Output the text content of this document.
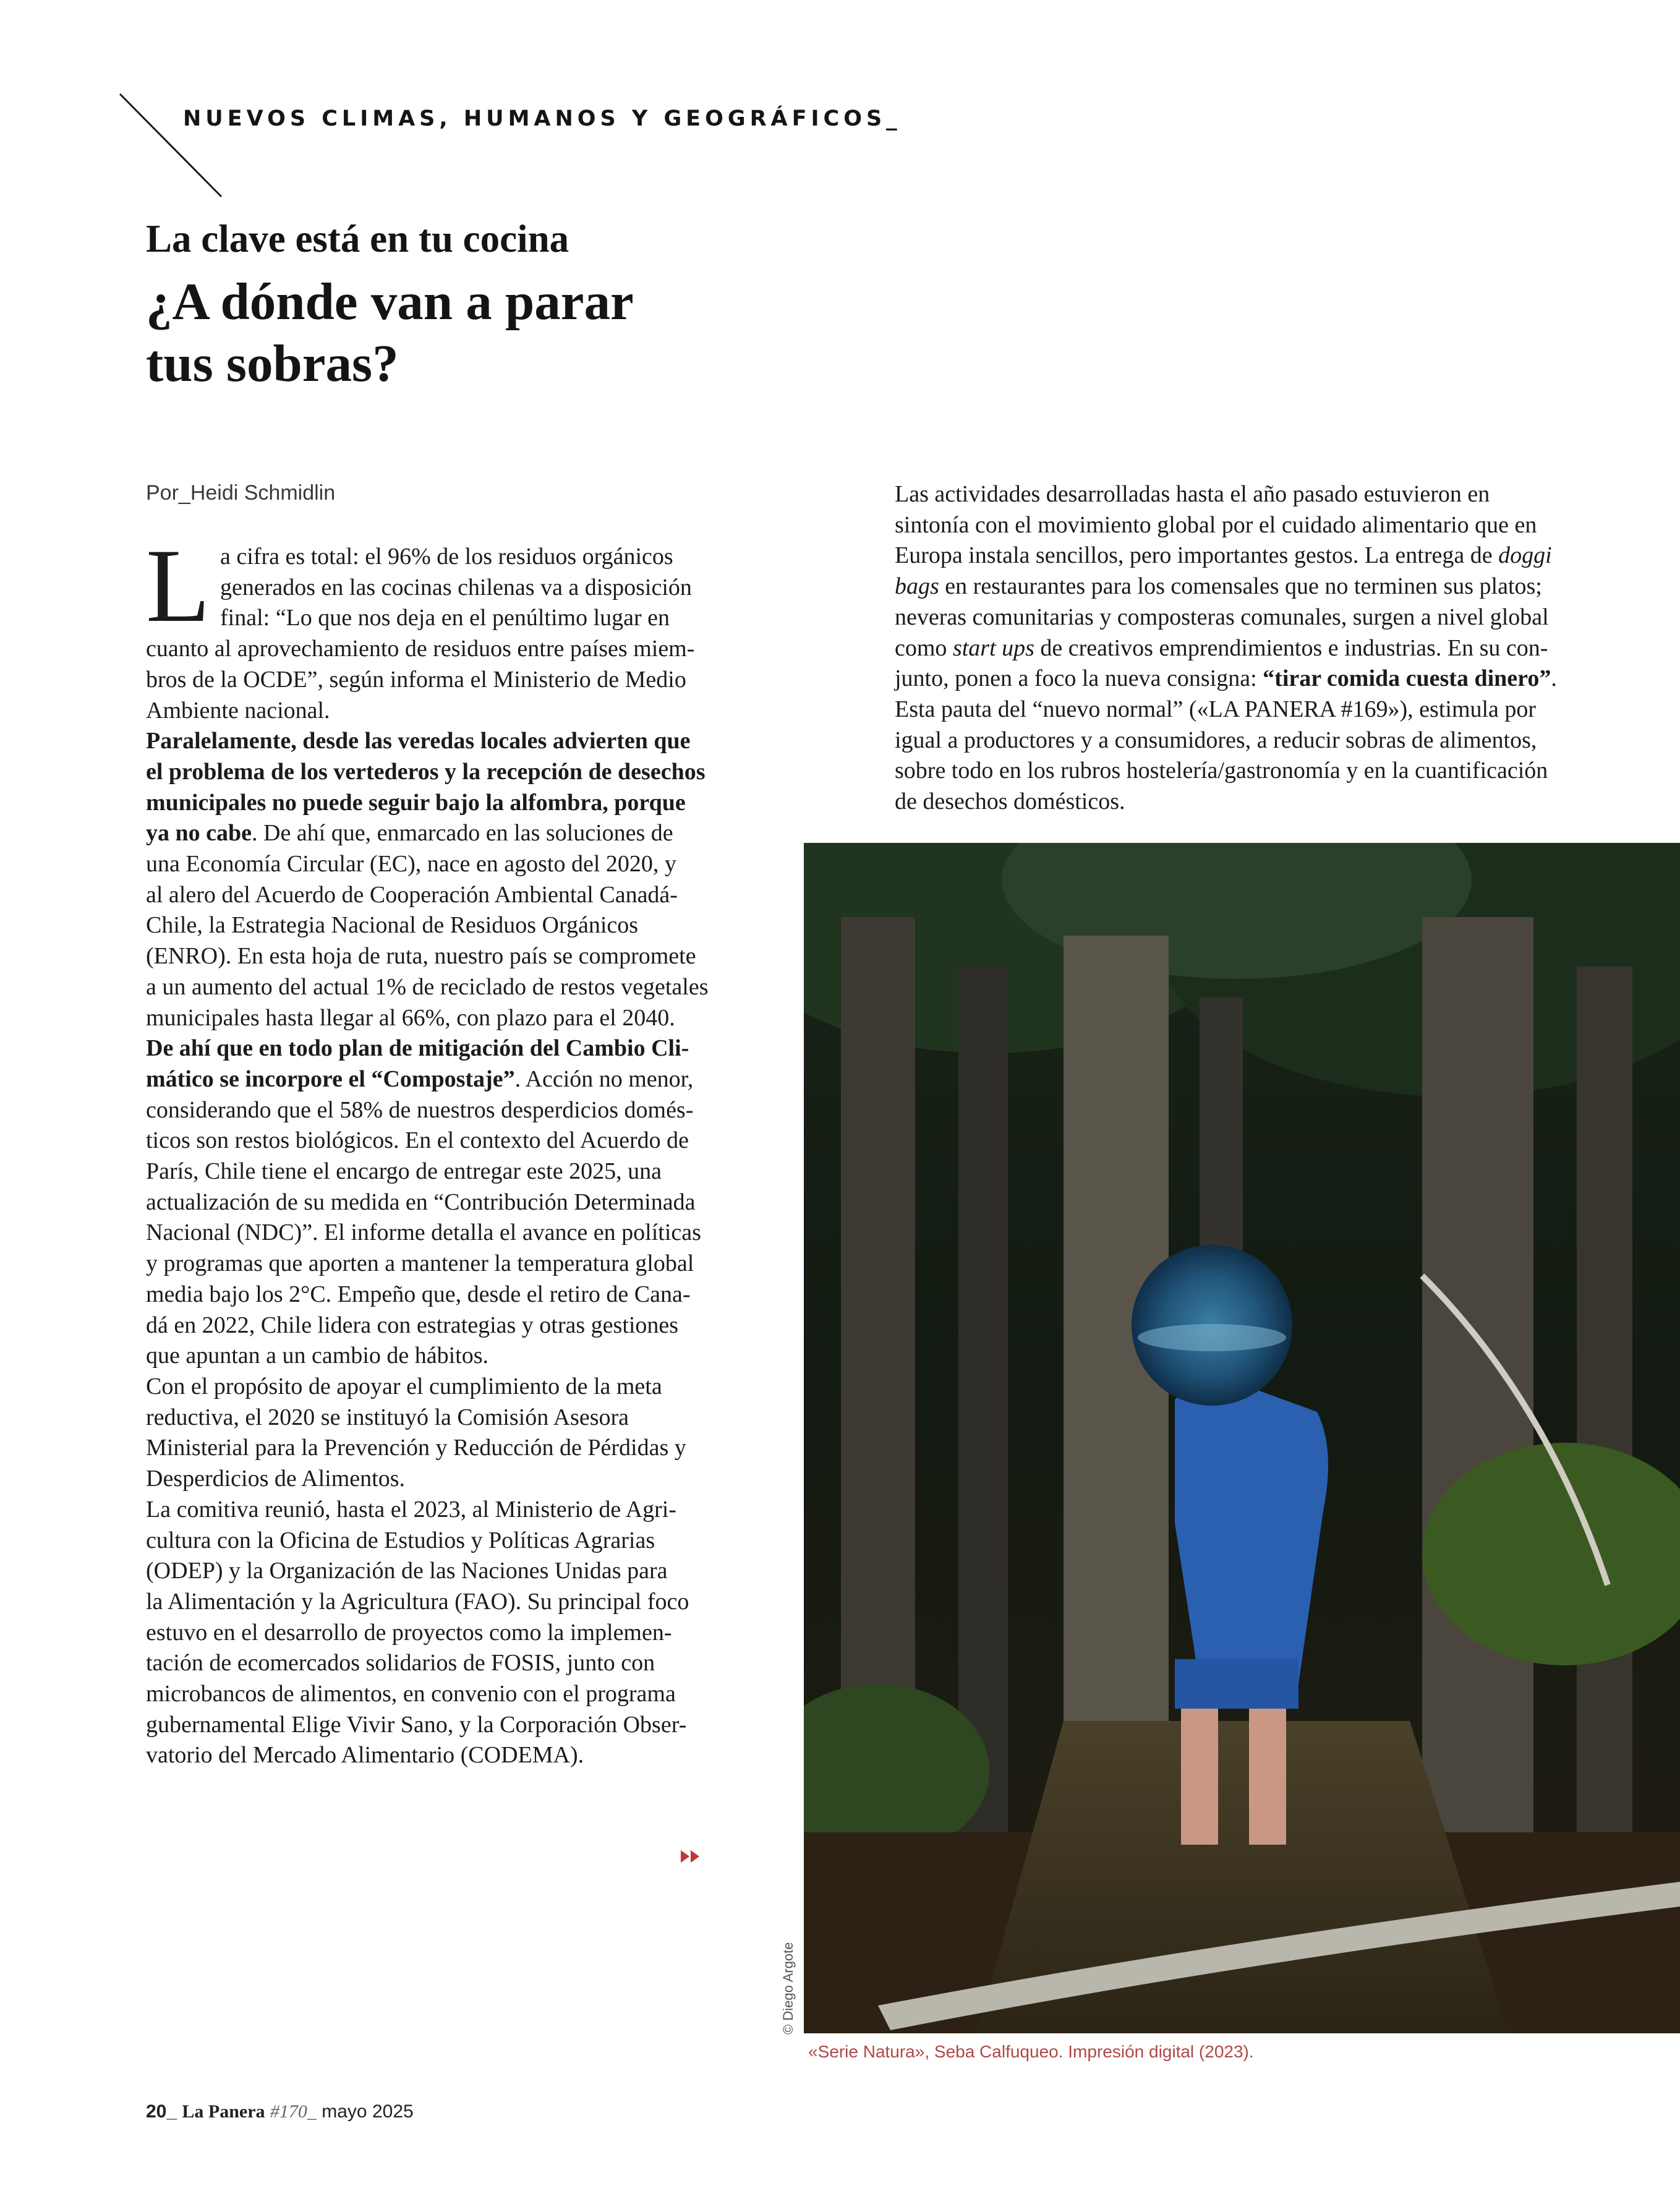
NUEVOS CLIMAS, HUMANOS Y GEOGRÁFICOS_
La clave está en tu cocina
¿A dónde van a parar
tus sobras?
Por_Heidi Schmidlin
L a cifra es total: el 96% de los residuos orgánicos

generados en las cocinas chilenas va a disposición

final: “Lo que nos deja en el penúltimo lugar en

cuanto al aprovechamiento de residuos entre países miem-

bros de la OCDE”, según informa el Ministerio de Medio

Ambiente nacional.

Paralelamente, desde las veredas locales advierten que

el problema de los vertederos y la recepción de desechos

municipales no puede seguir bajo la alfombra, porque

ya no cabe. De ahí que, enmarcado en las soluciones de

una Economía Circular (EC), nace en agosto del 2020, y

al alero del Acuerdo de Cooperación Ambiental Canadá-

Chile, la Estrategia Nacional de Residuos Orgánicos

(ENRO). En esta hoja de ruta, nuestro país se compromete

a un aumento del actual 1% de reciclado de restos vegetales

municipales hasta llegar al 66%, con plazo para el 2040.

De ahí que en todo plan de mitigación del Cambio Cli-

mático se incorpore el “Compostaje”. Acción no menor,

considerando que el 58% de nuestros desperdicios domés-

ticos son restos biológicos. En el contexto del Acuerdo de

París, Chile tiene el encargo de entregar este 2025, una

actualización de su medida en “Contribución Determinada

Nacional (NDC)”. El informe detalla el avance en políticas

y programas que aporten a mantener la temperatura global

media bajo los 2°C. Empeño que, desde el retiro de Cana-

dá en 2022, Chile lidera con estrategias y otras gestiones

que apuntan a un cambio de hábitos.

Con el propósito de apoyar el cumplimiento de la meta

reductiva, el 2020 se instituyó la Comisión Asesora

Ministerial para la Prevención y Reducción de Pérdidas y

Desperdicios de Alimentos.

La comitiva reunió, hasta el 2023, al Ministerio de Agri-

cultura con la Oficina de Estudios y Políticas Agrarias

(ODEP) y la Organización de las Naciones Unidas para

la Alimentación y la Agricultura (FAO). Su principal foco

estuvo en el desarrollo de proyectos como la implemen-

tación de ecomercados solidarios de FOSIS, junto con

microbancos de alimentos, en convenio con el programa

gubernamental Elige Vivir Sano, y la Corporación Obser-

vatorio del Mercado Alimentario (CODEMA).

Las actividades desarrolladas hasta el año pasado estuvieron en

sintonía con el movimiento global por el cuidado alimentario que en

Europa instala sencillos, pero importantes gestos. La entrega de doggi

bags en restaurantes para los comensales que no terminen sus platos;

neveras comunitarias y composteras comunales, surgen a nivel global

como start ups de creativos emprendimientos e industrias. En su con-

junto, ponen a foco la nueva consigna: “tirar comida cuesta dinero”.

Esta pauta del “nuevo normal” («LA PANERA #169»), estimula por

igual a productores y a consumidores, a reducir sobras de alimentos,

sobre todo en los rubros hostelería/gastronomía y en la cuantificación

de desechos domésticos.

© Diego Argote
«Serie Natura», Seba Calfuqueo. Impresión digital (2023).
20_ La Panera #170_ mayo 2025
